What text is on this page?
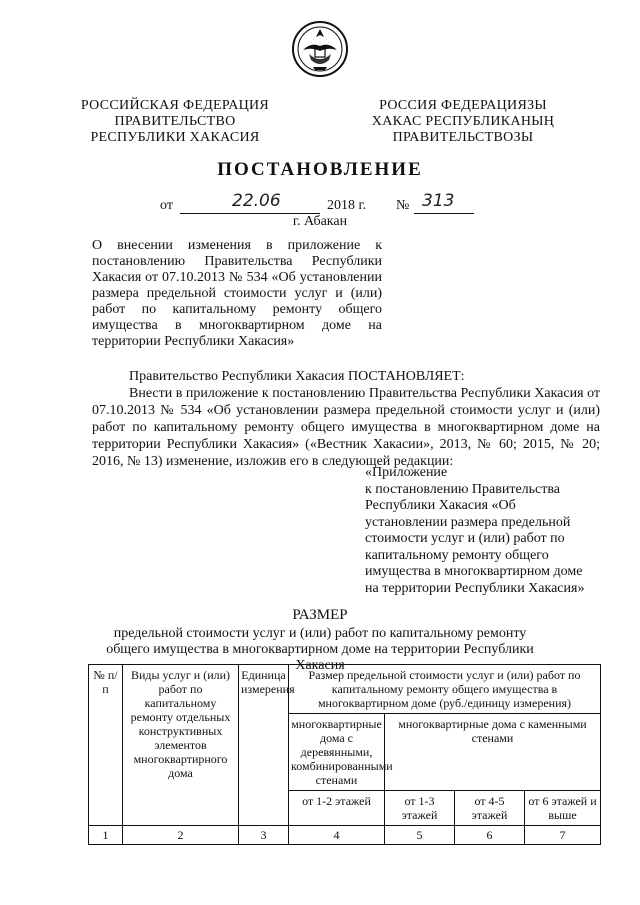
РОССИЙСКАЯ ФЕДЕРАЦИЯ
ПРАВИТЕЛЬСТВО
РЕСПУБЛИКИ ХАКАСИЯ
РОССИЯ ФЕДЕРАЦИЯЗЫ
ХАКАС РЕСПУБЛИКАНЫҢ
ПРАВИТЕЛЬСТВОЗЫ
ПОСТАНОВЛЕНИЕ
от	22.06	2018 г. № 313
г. Абакан
О внесении изменения в приложение к постановлению Правительства Республики Хакасия от 07.10.2013 № 534 «Об установлении размера предельной стоимости услуг и (или) работ по капитальному ремонту общего имущества в многоквартирном доме на территории Республики Хакасия»
Правительство Республики Хакасия ПОСТАНОВЛЯЕТ:
Внести в приложение к постановлению Правительства Республики Хакасия от 07.10.2013 № 534 «Об установлении размера предельной стоимости услуг и (или) работ по капитальному ремонту общего имущества в многоквартирном доме на территории Республики Хакасия» («Вестник Хакасии», 2013, № 60; 2015, № 20; 2016, № 13) изменение, изложив его в следующей редакции:
«Приложение
к постановлению Правительства
Республики Хакасия «Об
установлении размера предельной
стоимости услуг и (или) работ по
капитальному ремонту общего
имущества в многоквартирном доме
на территории Республики Хакасия»
РАЗМЕР
предельной стоимости услуг и (или) работ по капитальному ремонту общего имущества в многоквартирном доме на территории Республики Хакасия
№ п/п	Виды услуг и (или) работ по капитальному ремонту отдельных конструктивных элементов многоквартирного дома	Единица измерения	Размер предельной стоимости услуг и (или) работ по капитальному ремонту общего имущества в многоквартирном доме (руб./единицу измерения)			
			многоквартирные дома с деревянными, комбинированными стенами	многоквартирные дома с каменными стенами		
			от 1-2 этажей	от 1-3 этажей	от 4-5 этажей	от 6 этажей и выше
1	2	3	4	5	6	7
